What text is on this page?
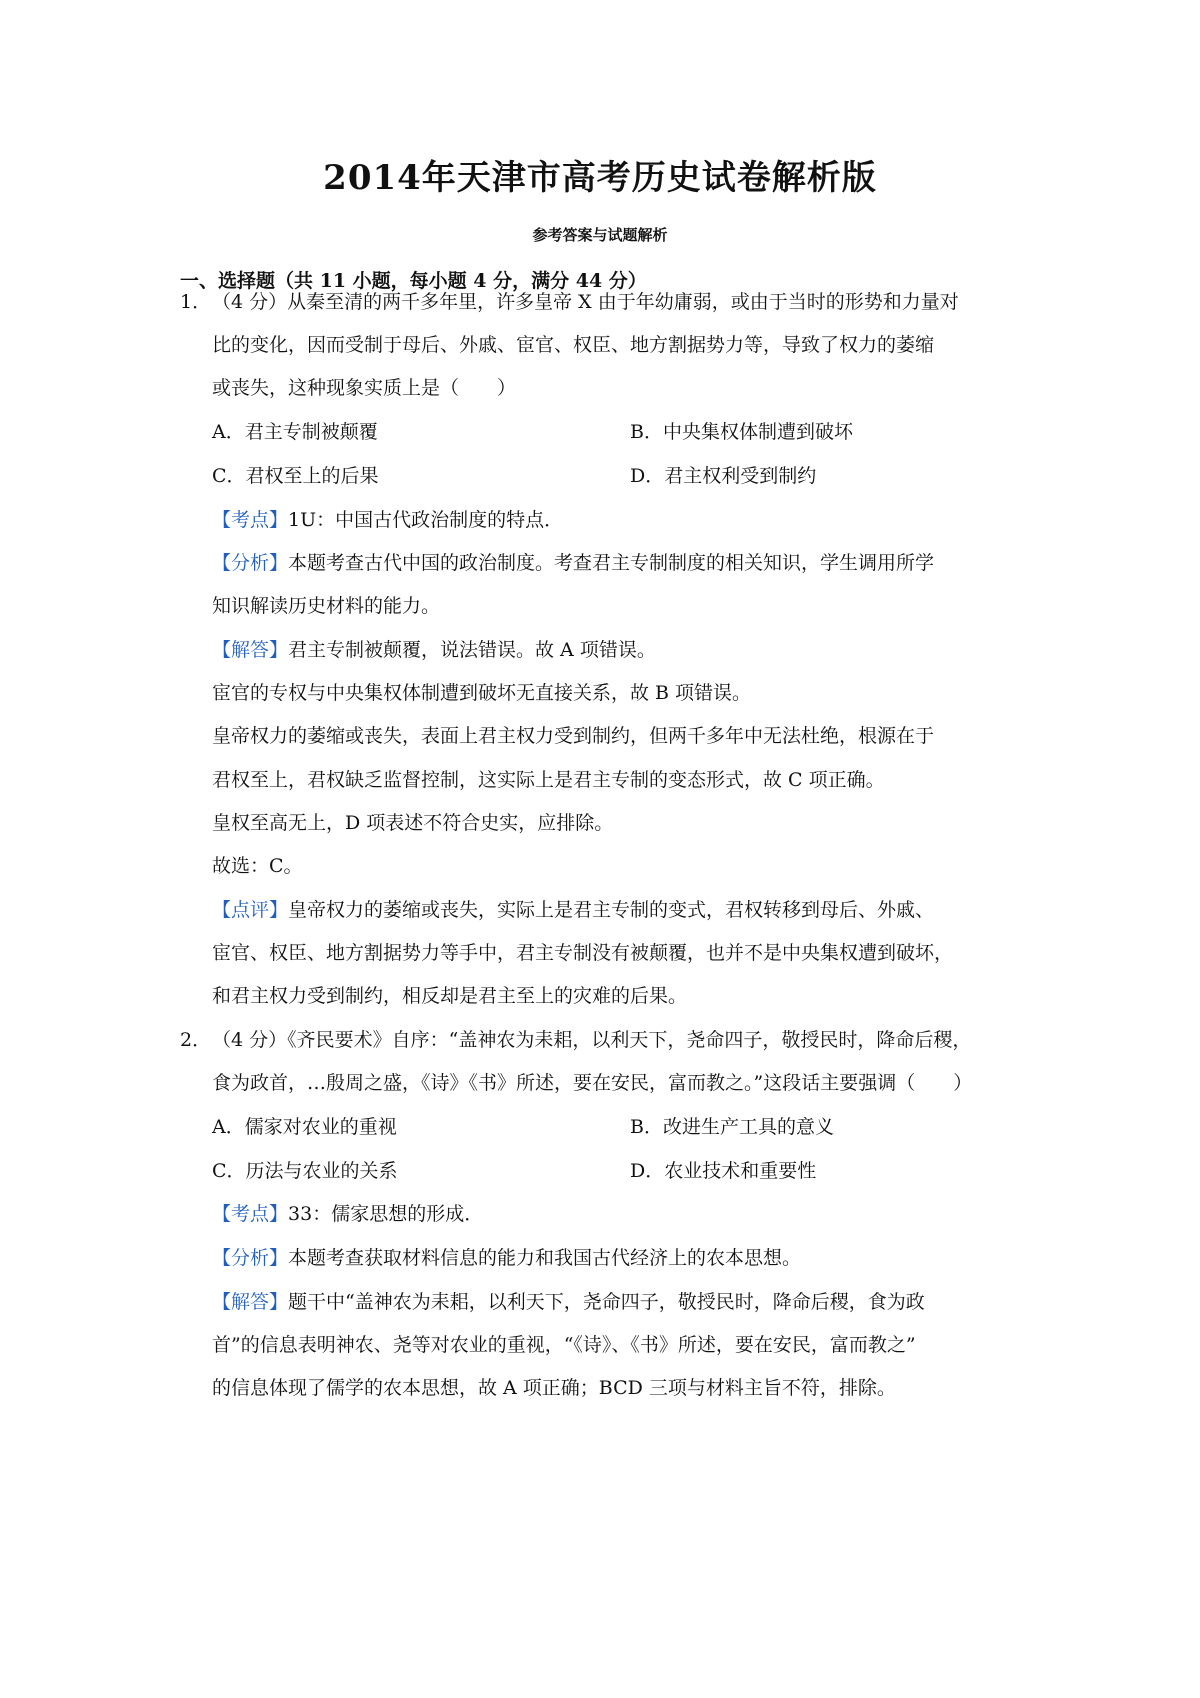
2014年天津市高考历史试卷解析版
参考答案与试题解析
一、选择题（共 11 小题，每小题 4 分，满分 44 分）
1． （4 分）从秦至清的两千多年里，许多皇帝 X 由于年幼庸弱，或由于当时的形势和力量对
比的变化，因而受制于母后、外戚、宦官、权臣、地方割据势力等，导致了权力的萎缩
或丧失，这种现象实质上是（　　）
A．君主专制被颠覆	B．中央集权体制遭到破坏
C．君权至上的后果	D．君主权利受到制约
【考点】1U：中国古代政治制度的特点．
【分析】本题考查古代中国的政治制度。考查君主专制制度的相关知识，学生调用所学
知识解读历史材料的能力。
【解答】君主专制被颠覆，说法错误。故 A 项错误。
宦官的专权与中央集权体制遭到破坏无直接关系，故 B 项错误。
皇帝权力的萎缩或丧失，表面上君主权力受到制约，但两千多年中无法杜绝，根源在于
君权至上，君权缺乏监督控制，这实际上是君主专制的变态形式，故 C 项正确。
皇权至高无上，D 项表述不符合史实，应排除。
故选：C。
【点评】皇帝权力的萎缩或丧失，实际上是君主专制的变式，君权转移到母后、外戚、
宦官、权臣、地方割据势力等手中，君主专制没有被颠覆，也并不是中央集权遭到破坏，
和君主权力受到制约，相反却是君主至上的灾难的后果。
2． （4 分）《齐民要术》自序：“盖神农为耒耜，以利天下，尧命四子，敬授民时，降命后稷，
食为政首，…殷周之盛，《诗》《书》所述，要在安民，富而教之。”这段话主要强调（　　）
A．儒家对农业的重视	B．改进生产工具的意义
C．历法与农业的关系	D．农业技术和重要性
【考点】33：儒家思想的形成．
【分析】本题考查获取材料信息的能力和我国古代经济上的农本思想。
【解答】题干中“盖神农为耒耜，以利天下，尧命四子，敬授民时，降命后稷，食为政
首”的信息表明神农、尧等对农业的重视，“《诗》、《书》所述，要在安民，富而教之”
的信息体现了儒学的农本思想，故 A 项正确；BCD 三项与材料主旨不符，排除。
